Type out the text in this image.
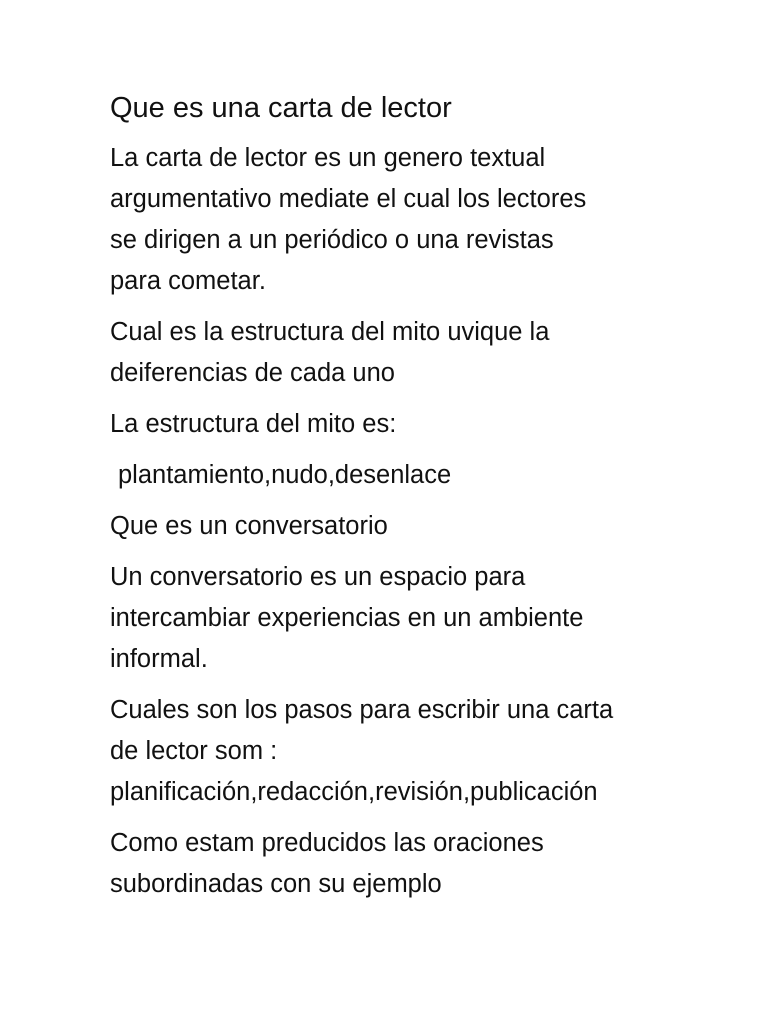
Que es una carta de lector

La carta de lector es un genero textual
argumentativo mediate el cual los lectores
se dirigen a un periódico o una revistas
para cometar.

Cual es la estructura del mito uvique la
deiferencias de cada uno

La estructura del mito es:

plantamiento,nudo,desenlace

Que es un conversatorio

Un conversatorio es un espacio para
intercambiar experiencias en un ambiente
informal.

Cuales son los pasos para escribir una carta
de lector som :
planificación,redacción,revisión,publicación

Como estam preducidos las oraciones
subordinadas con su ejemplo
